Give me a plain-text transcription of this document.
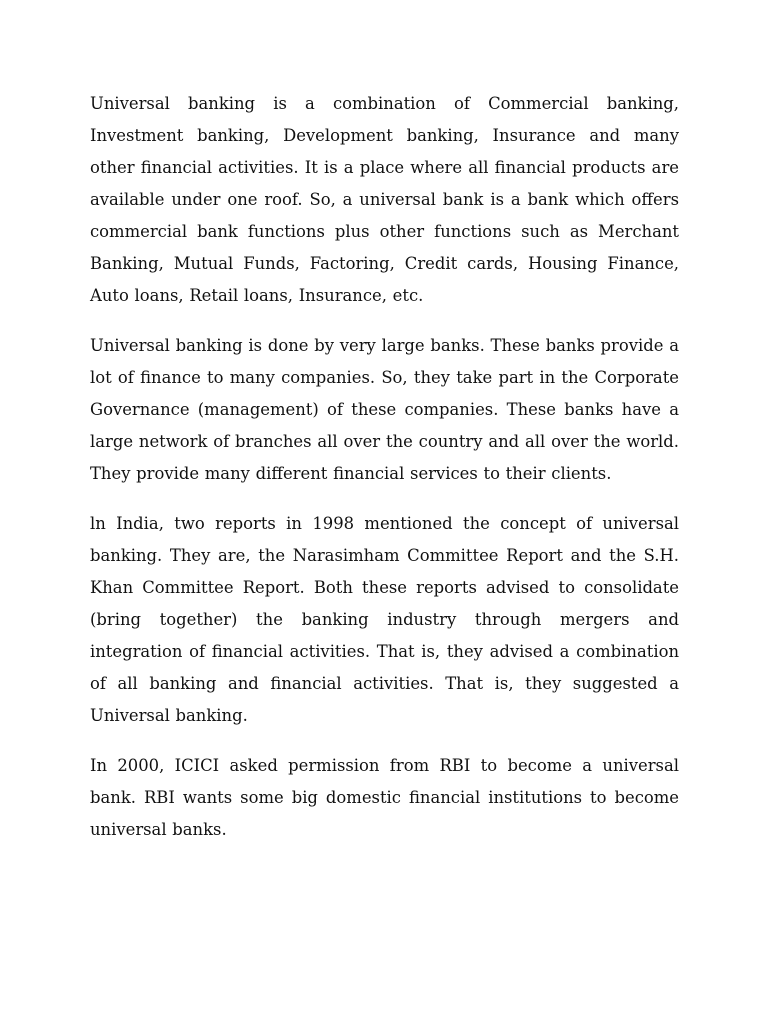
Universal banking is a combination of Commercial banking, Investment banking, Development banking, Insurance and many other financial activities. It is a place where all financial products are available under one roof. So, a universal bank is a bank which offers commercial bank functions plus other functions such as Merchant Banking, Mutual Funds, Factoring, Credit cards, Housing Finance, Auto loans, Retail loans, Insurance, etc.

Universal banking is done by very large banks. These banks provide a lot of finance to many companies. So, they take part in the Corporate Governance (management) of these companies. These banks have a large network of branches all over the country and all over the world. They provide many different financial services to their clients.

ln India, two reports in 1998 mentioned the concept of universal banking. They are, the Narasimham Committee Report and the S.H. Khan Committee Report. Both these reports advised to consolidate (bring together) the banking industry through mergers and integration of financial activities. That is, they advised a combination of all banking and financial activities. That is, they suggested a Universal banking.

In 2000, ICICI asked permission from RBI to become a universal bank. RBI wants some big domestic financial institutions to become universal banks.
